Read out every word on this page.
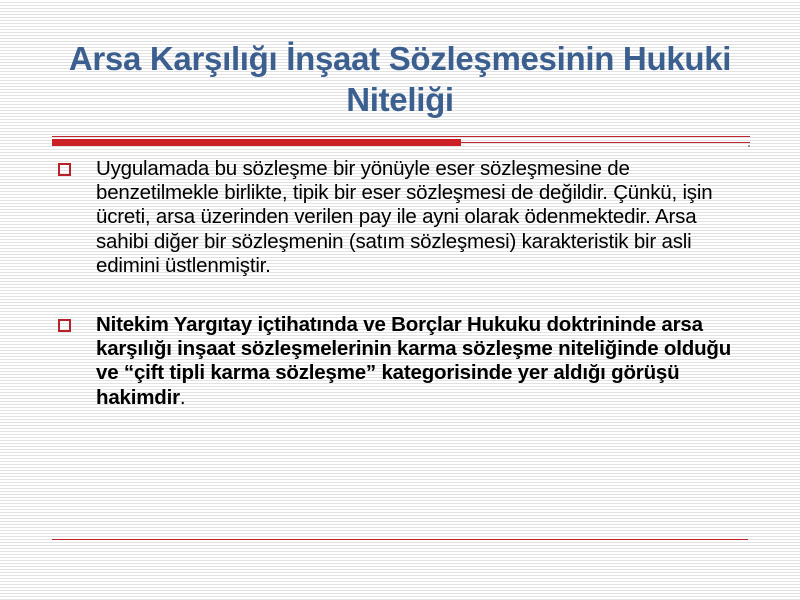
Arsa Karşılığı İnşaat Sözleşmesinin Hukuki Niteliği
Uygulamada bu sözleşme bir yönüyle eser sözleşmesine de benzetilmekle birlikte, tipik bir eser sözleşmesi de değildir. Çünkü, işin ücreti, arsa üzerinden verilen pay ile ayni olarak ödenmektedir. Arsa sahibi diğer bir sözleşmenin (satım sözleşmesi) karakteristik bir asli edimini üstlenmiştir.
Nitekim Yargıtay içtihatında ve Borçlar Hukuku doktrininde arsa karşılığı inşaat sözleşmelerinin karma sözleşme niteliğinde olduğu ve “çift tipli karma sözleşme” kategorisinde yer aldığı görüşü hakimdir.
